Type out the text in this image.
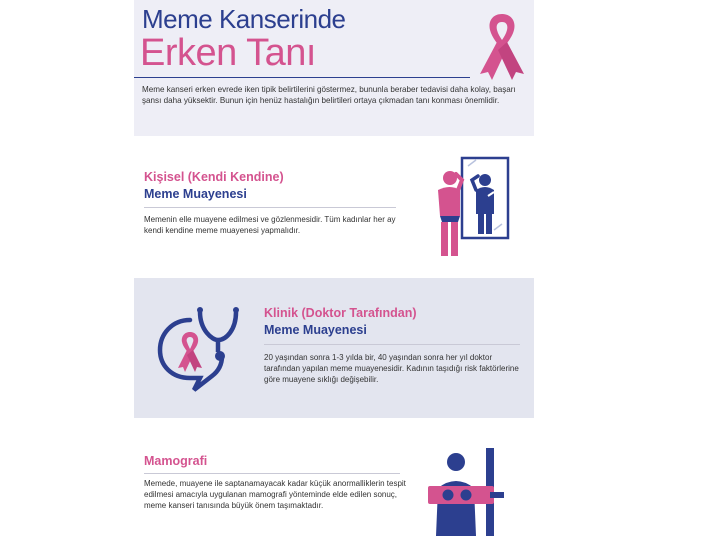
Meme Kanserinde
Erken Tanı
Meme kanseri erken evrede iken tipik belirtilerini göstermez, bununla beraber tedavisi daha kolay, başarı şansı daha yüksektir. Bunun için henüz hastalığın belirtileri ortaya çıkmadan tanı konması önemlidir.
Kişisel (Kendi Kendine)
Meme Muayenesi
Memenin elle muayene edilmesi ve gözlenmesidir. Tüm kadınlar her ay kendi kendine meme muayenesi yapmalıdır.
Klinik (Doktor Tarafından)
Meme Muayenesi
20 yaşından sonra 1-3 yılda bir, 40 yaşından sonra her yıl doktor tarafından yapılan meme muayenesidir. Kadının taşıdığı risk faktörlerine göre muayene sıklığı değişebilir.
Mamografi
Memede, muayene ile saptanamayacak kadar küçük anormalliklerin tespit edilmesi amacıyla uygulanan mamografi yönteminde elde edilen sonuç, meme kanseri tanısında büyük önem taşımaktadır.
